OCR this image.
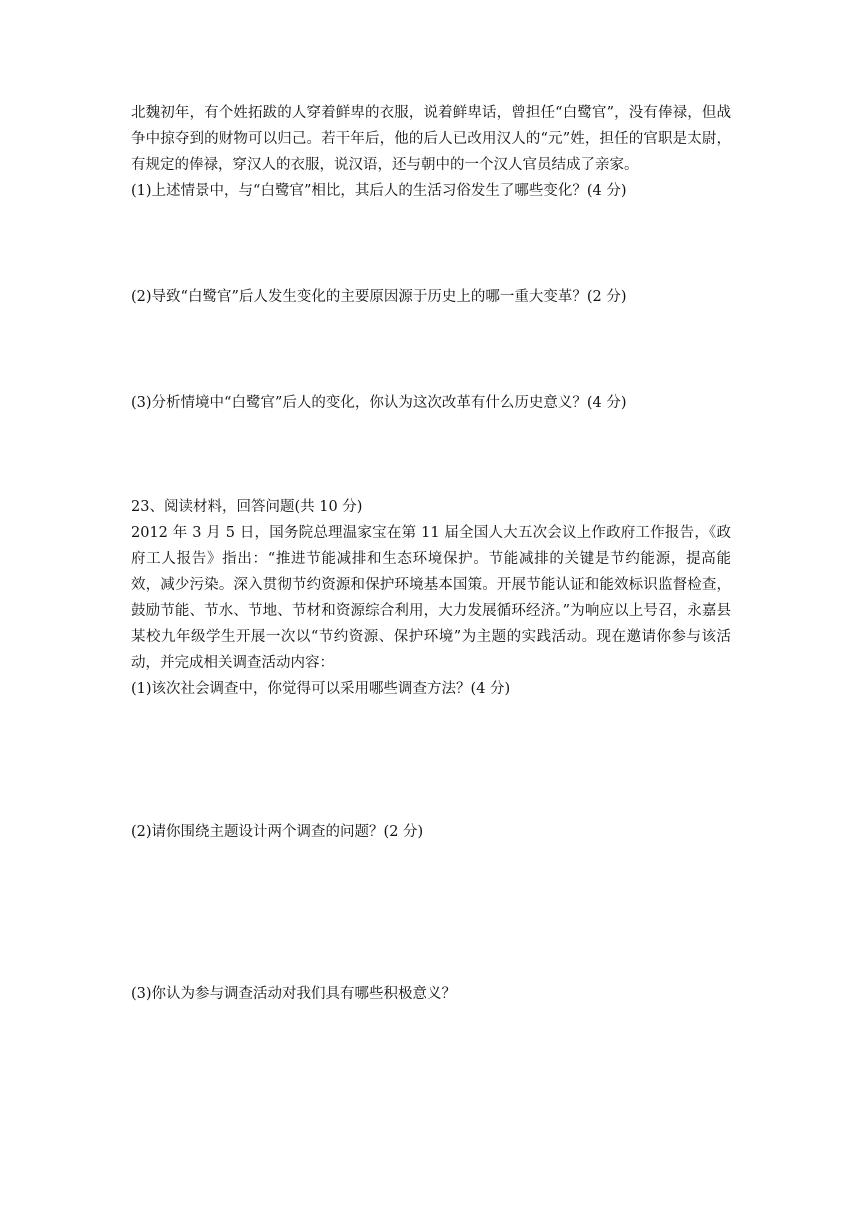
北魏初年，有个姓拓跋的人穿着鲜卑的衣服，说着鲜卑话，曾担任“白鹭官”，没有俸禄，但战争中掠夺到的财物可以归己。若干年后，他的后人已改用汉人的“元”姓，担任的官职是太尉，有规定的俸禄，穿汉人的衣服，说汉语，还与朝中的一个汉人官员结成了亲家。

(1)上述情景中，与“白鹭官”相比，其后人的生活习俗发生了哪些变化？(4 分)

(2)导致“白鹭官”后人发生变化的主要原因源于历史上的哪一重大变革？(2 分)

(3)分析情境中“白鹭官”后人的变化，你认为这次改革有什么历史意义？(4 分)

23、阅读材料，回答问题(共 10 分)

2012 年 3 月 5 日，国务院总理温家宝在第 11 届全国人大五次会议上作政府工作报告，《政府工人报告》指出：“推进节能减排和生态环境保护。节能减排的关键是节约能源，提高能效，减少污染。深入贯彻节约资源和保护环境基本国策。开展节能认证和能效标识监督检查，鼓励节能、节水、节地、节材和资源综合利用，大力发展循环经济。”为响应以上号召，永嘉县某校九年级学生开展一次以“节约资源、保护环境”为主题的实践活动。现在邀请你参与该活动，并完成相关调查活动内容：

(1)该次社会调查中，你觉得可以采用哪些调查方法？(4 分)

(2)请你围绕主题设计两个调查的问题？(2 分)

(3)你认为参与调查活动对我们具有哪些积极意义？
